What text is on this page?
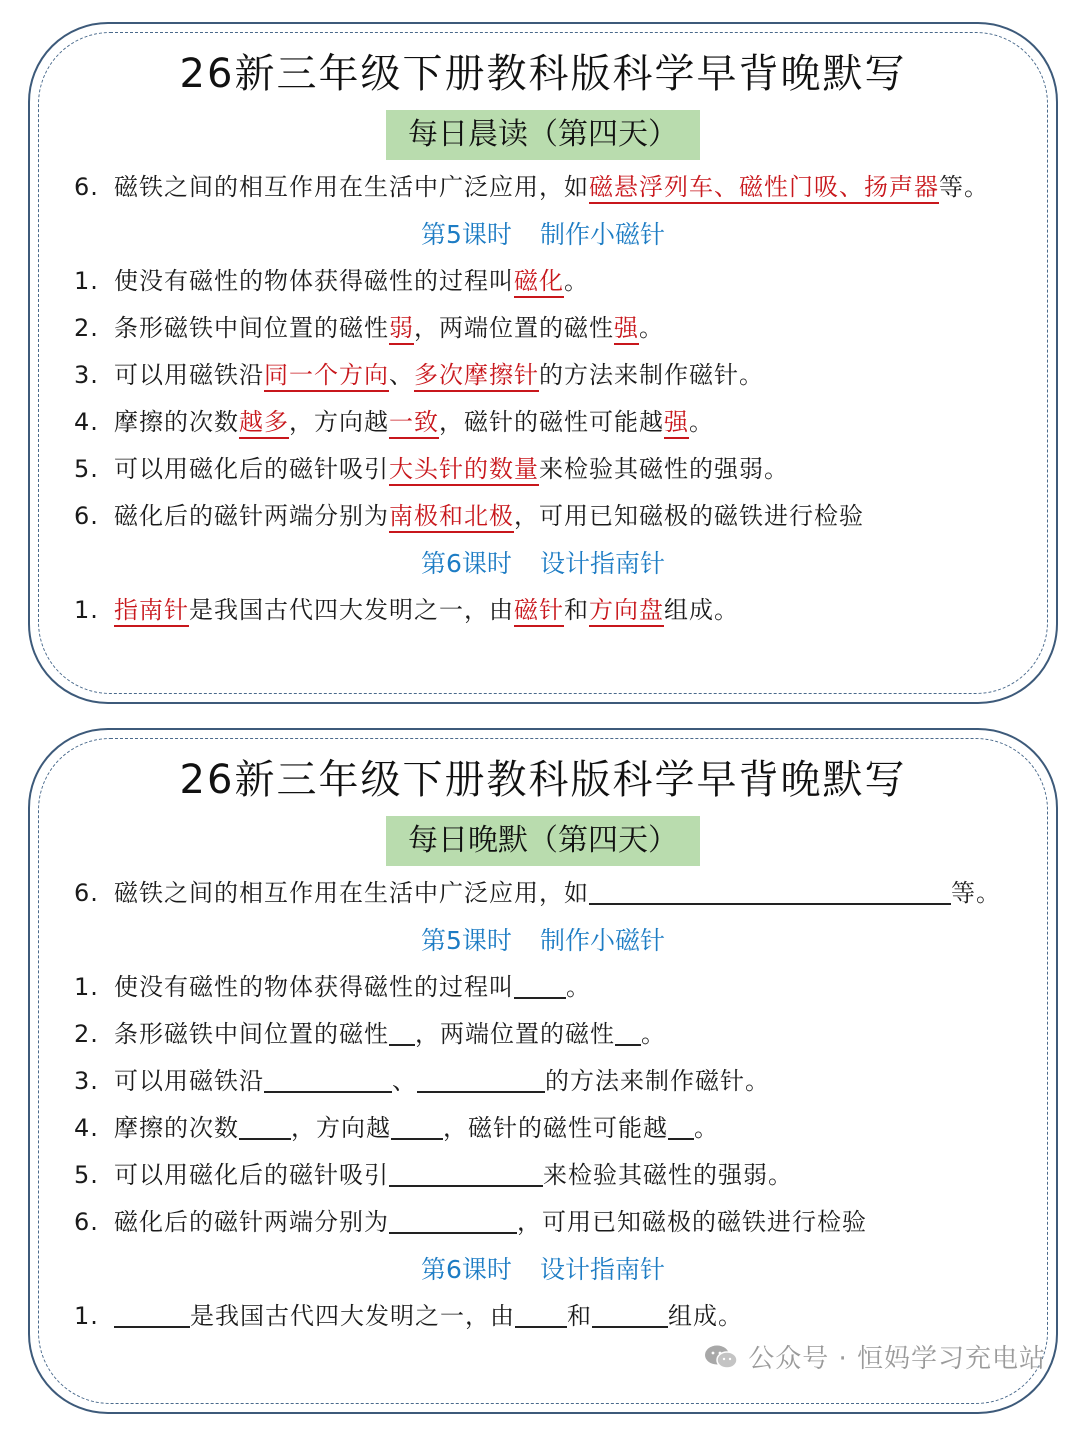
26新三年级下册教科版科学早背晚默写
每日晨读（第四天）
6. 磁铁之间的相互作用在生活中广泛应用，如磁悬浮列车、磁性门吸、扬声器等。
第5课时 制作小磁针
1. 使没有磁性的物体获得磁性的过程叫磁化。
2. 条形磁铁中间位置的磁性弱，两端位置的磁性强。
3. 可以用磁铁沿同一个方向、多次摩擦针的方法来制作磁针。
4. 摩擦的次数越多，方向越一致，磁针的磁性可能越强。
5. 可以用磁化后的磁针吸引大头针的数量来检验其磁性的强弱。
6. 磁化后的磁针两端分别为南极和北极，可用已知磁极的磁铁进行检验
第6课时 设计指南针
1. 指南针是我国古代四大发明之一，由磁针和方向盘组成。
26新三年级下册教科版科学早背晚默写
每日晚默（第四天）
6. 磁铁之间的相互作用在生活中广泛应用，如	等。
第5课时 制作小磁针
1. 使没有磁性的物体获得磁性的过程叫 。
2. 条形磁铁中间位置的磁性 ，两端位置的磁性 。
3. 可以用磁铁沿	、	的方法来制作磁针。
4. 摩擦的次数 ，方向越 ，磁针的磁性可能越 。
5. 可以用磁化后的磁针吸引	来检验其磁性的强弱。
6. 磁化后的磁针两端分别为	，可用已知磁极的磁铁进行检验
第6课时 设计指南针
1.	是我国古代四大发明之一，由 和	组成。
公众号 · 恒妈学习充电站
